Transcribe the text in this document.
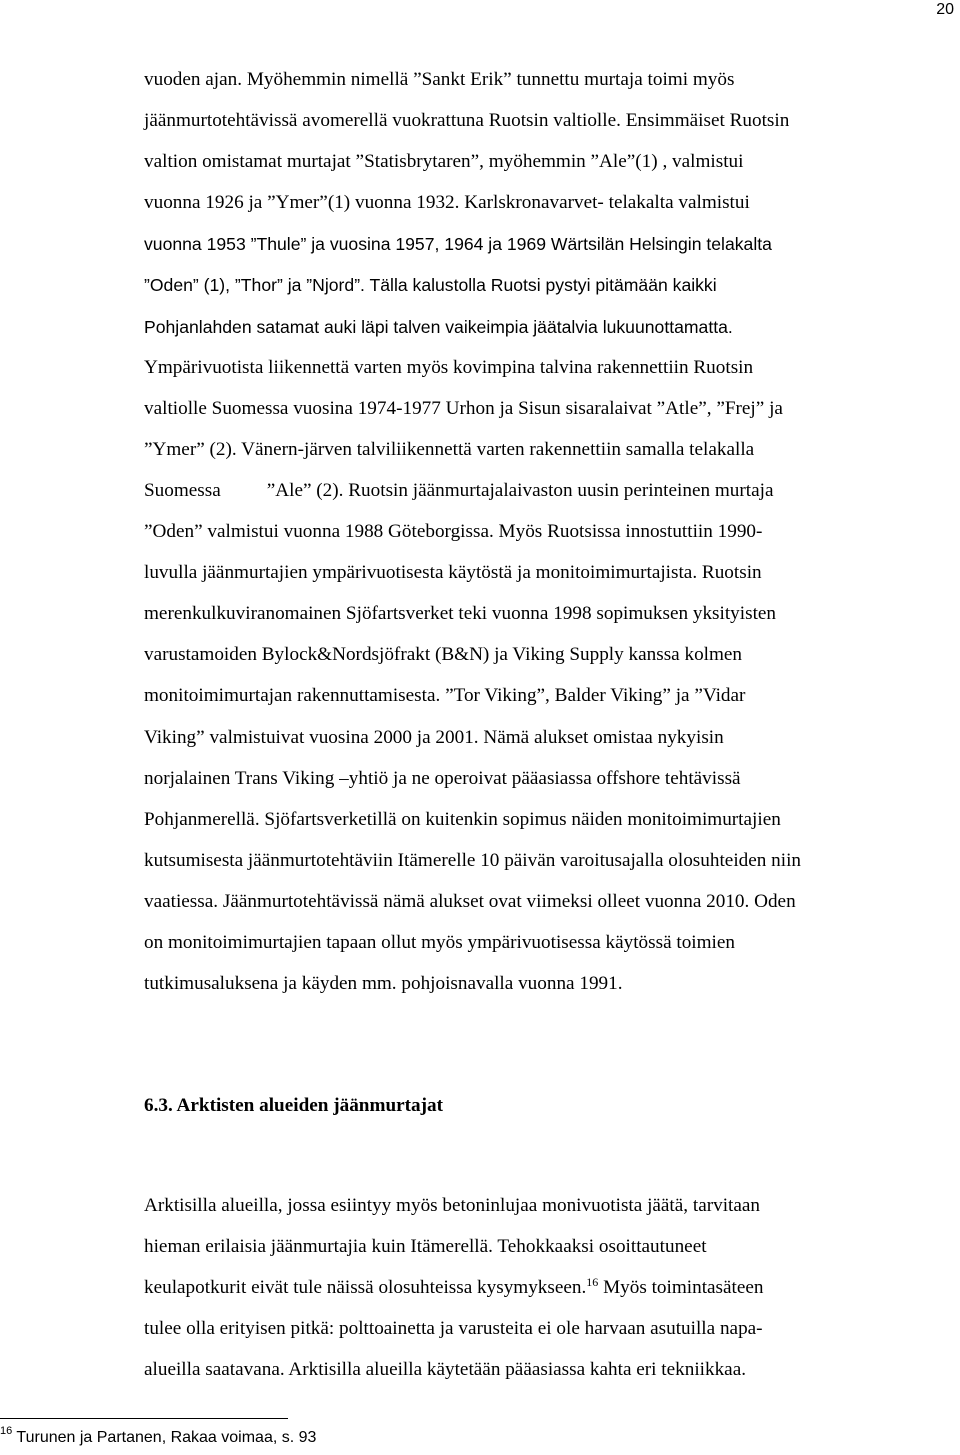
20
vuoden ajan. Myöhemmin nimellä ”Sankt Erik” tunnettu murtaja toimi myös
jäänmurtotehtävissä avomerellä vuokrattuna Ruotsin valtiolle. Ensimmäiset Ruotsin
valtion omistamat murtajat ”Statisbrytaren”, myöhemmin ”Ale”(1) , valmistui
vuonna 1926 ja ”Ymer”(1) vuonna 1932. Karlskronavarvet- telakalta valmistui
vuonna 1953 ”Thule” ja vuosina 1957, 1964 ja 1969 Wärtsilän Helsingin telakalta
”Oden” (1), ”Thor” ja ”Njord”. Tälla kalustolla Ruotsi pystyi pitämään kaikki
Pohjanlahden satamat auki läpi talven vaikeimpia jäätalvia lukuunottamatta.
Ympärivuotista liikennettä varten myös kovimpina talvina rakennettiin Ruotsin
valtiolle Suomessa vuosina 1974-1977 Urhon ja Sisun sisaralaivat ”Atle”, ”Frej” ja
”Ymer” (2). Vänern-järven talviliikennettä varten rakennettiin samalla telakalla
Suomessa ”Ale” (2). Ruotsin jäänmurtajalaivaston uusin perinteinen murtaja
”Oden” valmistui vuonna 1988 Göteborgissa. Myös Ruotsissa innostuttiin 1990-
luvulla jäänmurtajien ympärivuotisesta käytöstä ja monitoimimurtajista. Ruotsin
merenkulkuviranomainen Sjöfartsverket teki vuonna 1998 sopimuksen yksityisten
varustamoiden Bylock&Nordsjöfrakt (B&N) ja Viking Supply kanssa kolmen
monitoimimurtajan rakennuttamisesta. ”Tor Viking”, Balder Viking” ja ”Vidar
Viking” valmistuivat vuosina 2000 ja 2001. Nämä alukset omistaa nykyisin
norjalainen Trans Viking –yhtiö ja ne operoivat pääasiassa offshore tehtävissä
Pohjanmerellä. Sjöfartsverketillä on kuitenkin sopimus näiden monitoimimurtajien
kutsumisesta jäänmurtotehtäviin Itämerelle 10 päivän varoitusajalla olosuhteiden niin
vaatiessa. Jäänmurtotehtävissä nämä alukset ovat viimeksi olleet vuonna 2010. Oden
on monitoimimurtajien tapaan ollut myös ympärivuotisessa käytössä toimien
tutkimusaluksena ja käyden mm. pohjoisnavalla vuonna 1991.
6.3. Arktisten alueiden jäänmurtajat
Arktisilla alueilla, jossa esiintyy myös betoninlujaa monivuotista jäätä, tarvitaan
hieman erilaisia jäänmurtajia kuin Itämerellä. Tehokkaaksi osoittautuneet
keulapotkurit eivät tule näissä olosuhteissa kysymykseen.$^{16}$ Myös toimintasäteen
tulee olla erityisen pitkä: polttoainetta ja varusteita ei ole harvaan asutuilla napa-
alueilla saatavana. Arktisilla alueilla käytetään pääasiassa kahta eri tekniikkaa.
$^{16}$ Turunen ja Partanen, Rakaa voimaa, s. 93
